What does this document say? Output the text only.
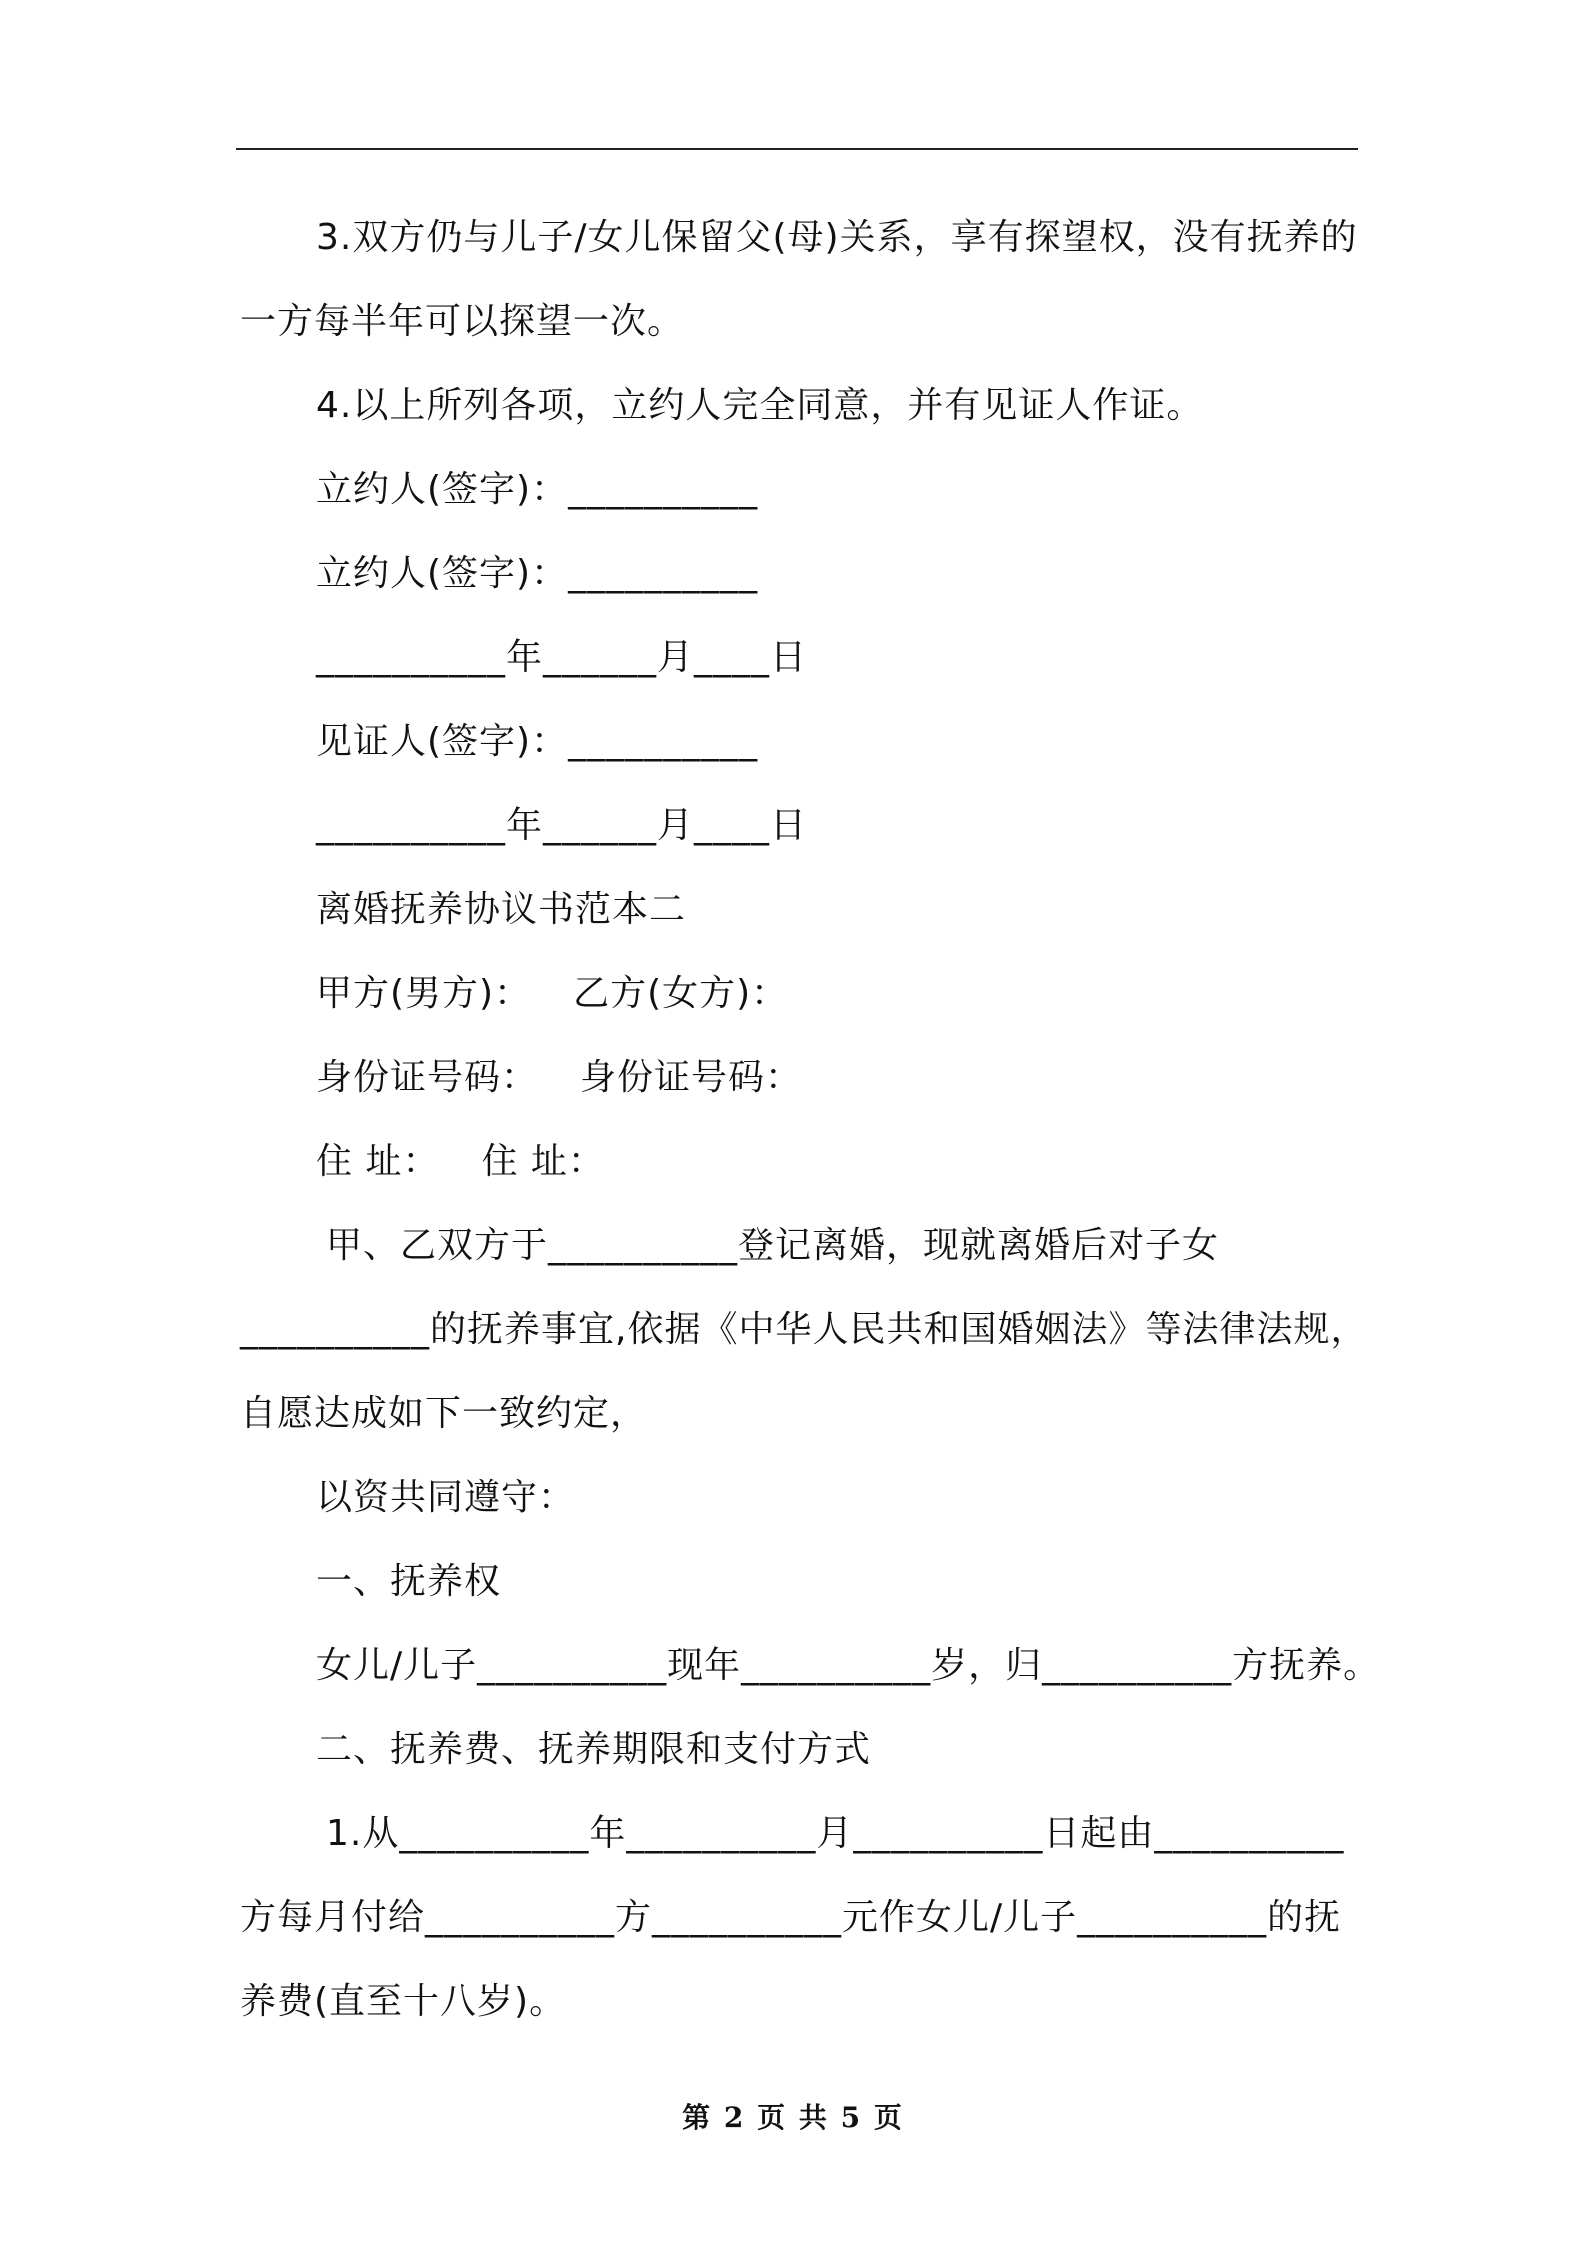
3.双方仍与儿子/女儿保留父(母)关系，享有探望权，没有抚养的

一方每半年可以探望一次。

4.以上所列各项，立约人完全同意，并有见证人作证。

立约人(签字)：__________

立约人(签字)：__________

__________年______月____日

见证人(签字)：__________

__________年______月____日

离婚抚养协议书范本二

甲方(男方)： 乙方(女方)：

身份证号码： 身份证号码：

住 址： 住 址：

甲、乙双方于__________登记离婚，现就离婚后对子女

__________的抚养事宜,依据《中华人民共和国婚姻法》等法律法规，

自愿达成如下一致约定，

以资共同遵守：

一、抚养权

女儿/儿子__________现年__________岁，归__________方抚养。

二、抚养费、抚养期限和支付方式

1.从__________年__________月__________日起由__________

方每月付给__________方__________元作女儿/儿子__________的抚

养费(直至十八岁)。

第 2 页 共 5 页
